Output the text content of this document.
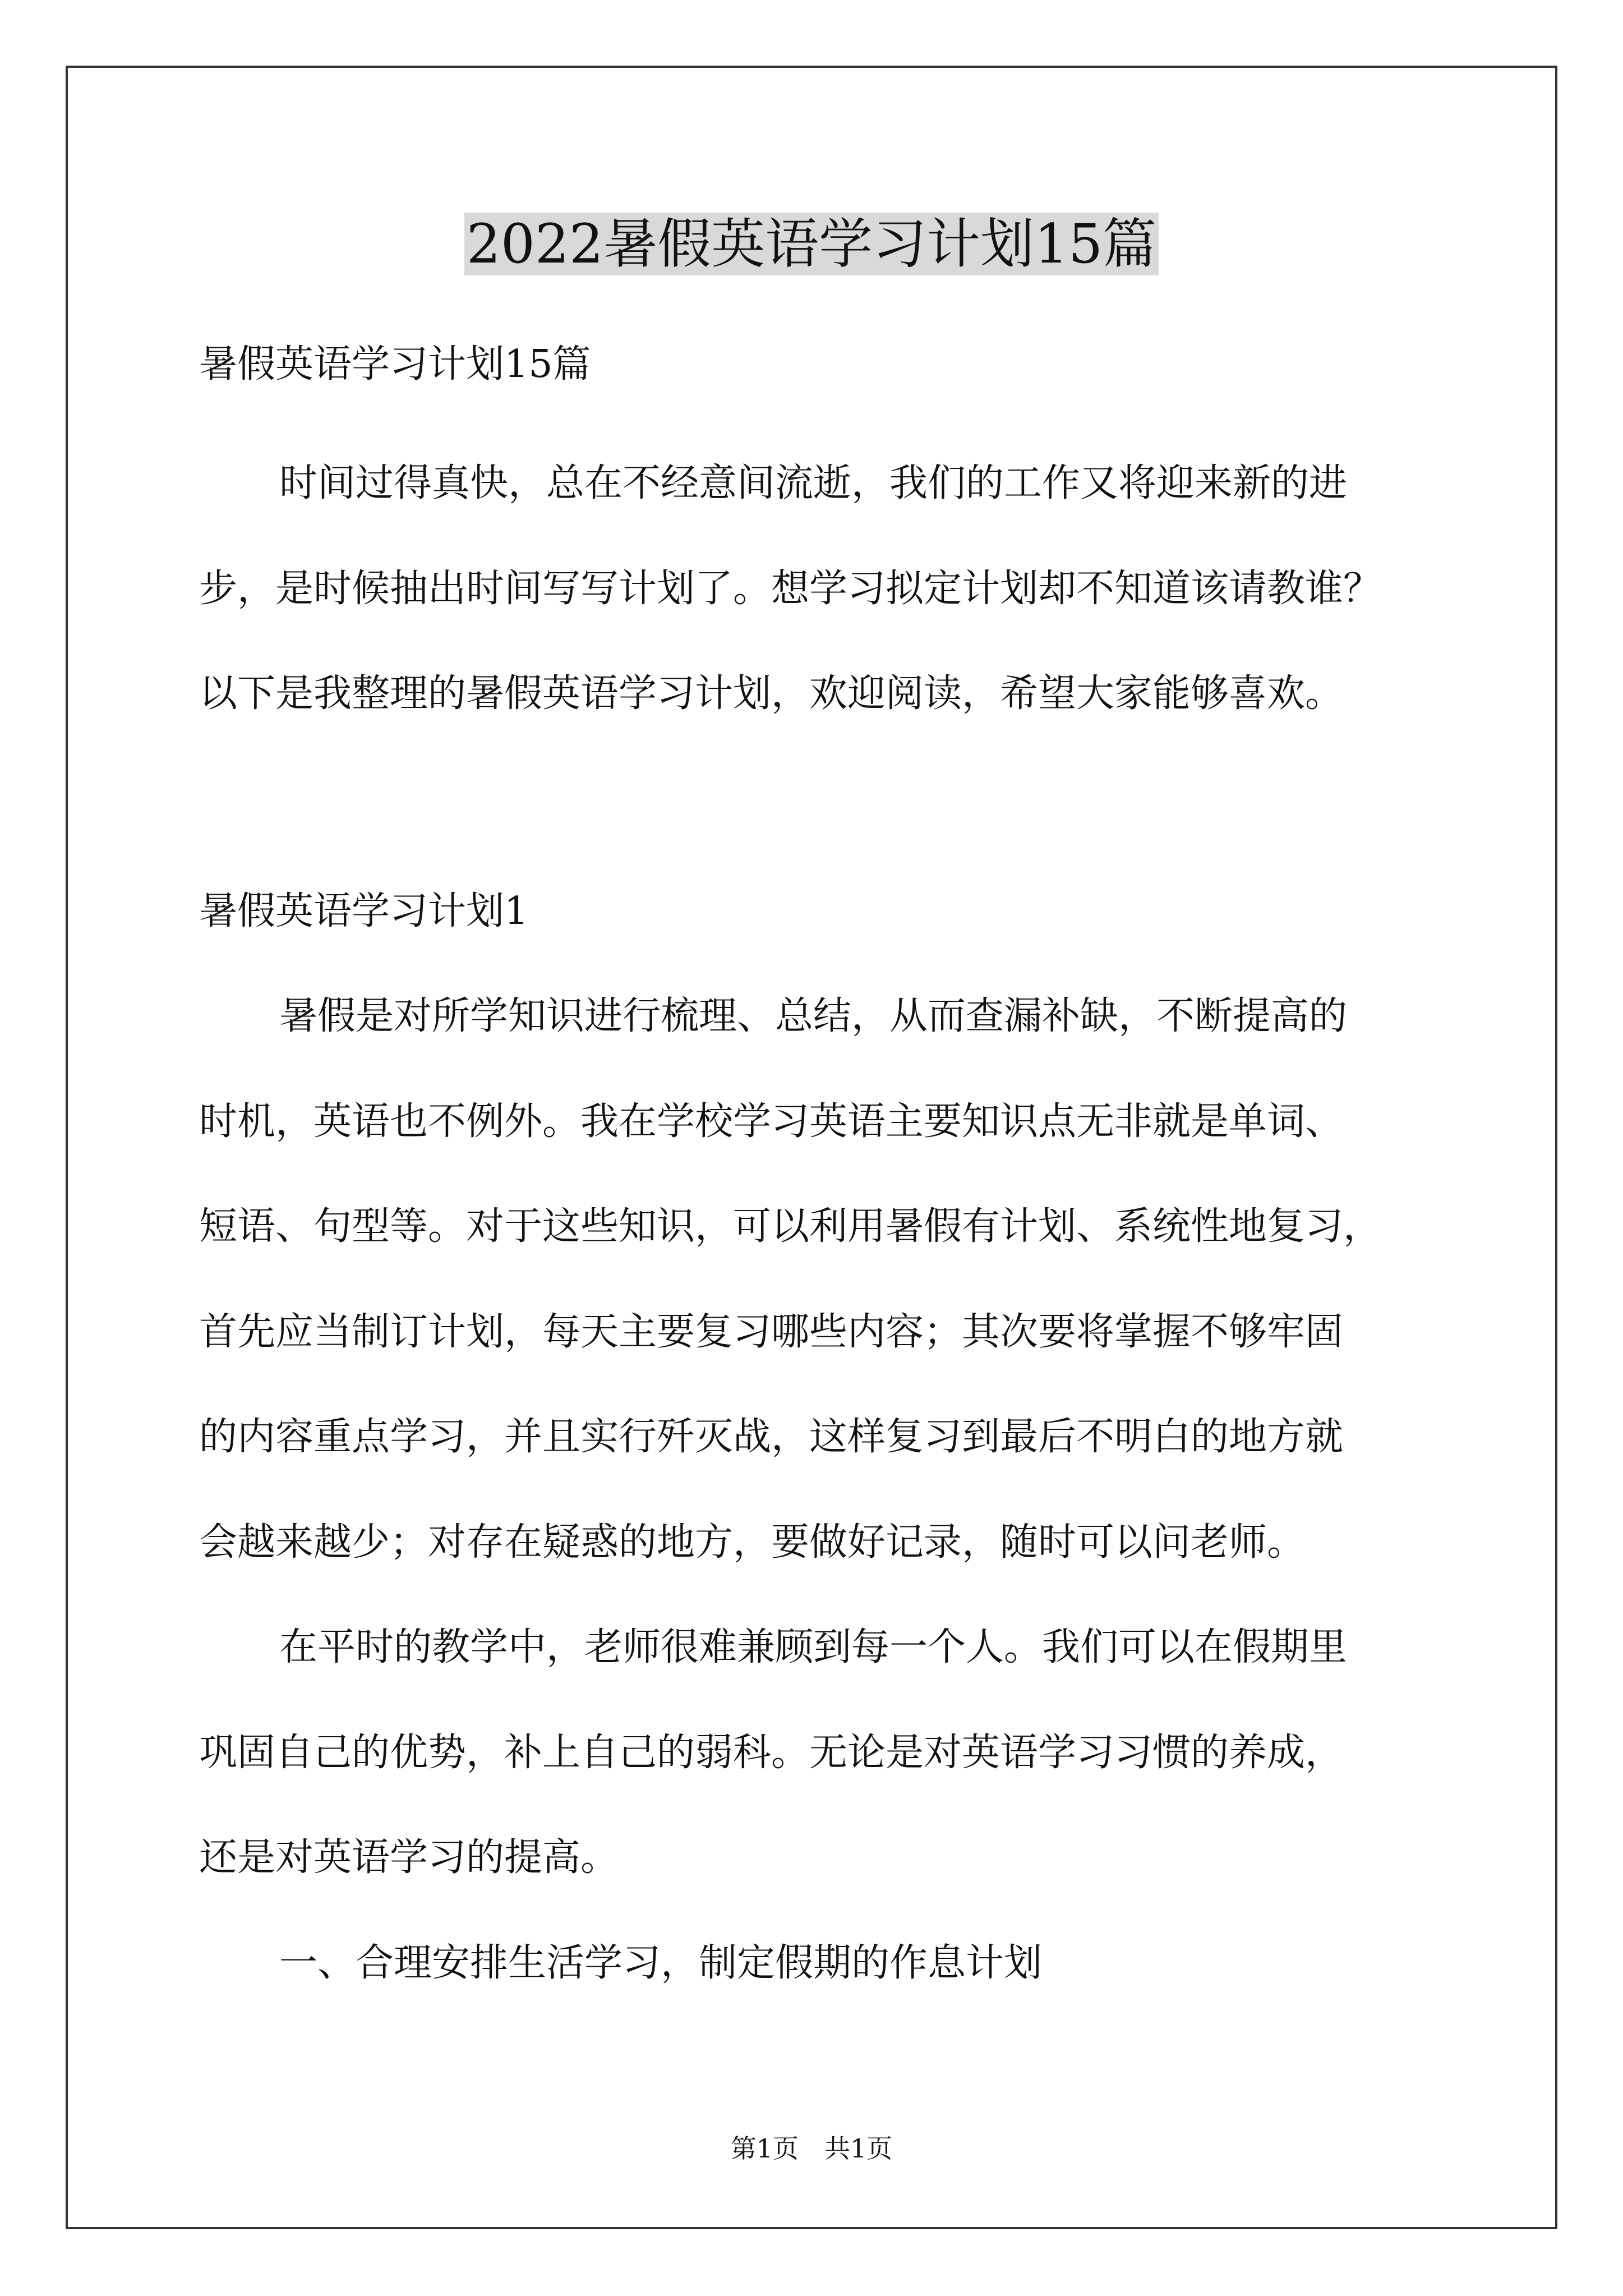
2022暑假英语学习计划15篇

暑假英语学习计划15篇

时间过得真快，总在不经意间流逝，我们的工作又将迎来新的进

步，是时候抽出时间写写计划了。想学习拟定计划却不知道该请教谁？

以下是我整理的暑假英语学习计划，欢迎阅读，希望大家能够喜欢。

暑假英语学习计划1

暑假是对所学知识进行梳理、总结，从而查漏补缺，不断提高的

时机，英语也不例外。我在学校学习英语主要知识点无非就是单词、

短语、句型等。对于这些知识，可以利用暑假有计划、系统性地复习，

首先应当制订计划，每天主要复习哪些内容；其次要将掌握不够牢固

的内容重点学习，并且实行歼灭战，这样复习到最后不明白的地方就

会越来越少；对存在疑惑的地方，要做好记录，随时可以问老师。

在平时的教学中，老师很难兼顾到每一个人。我们可以在假期里

巩固自己的优势，补上自己的弱科。无论是对英语学习习惯的养成，

还是对英语学习的提高。

一、合理安排生活学习，制定假期的作息计划

第1页　共1页
